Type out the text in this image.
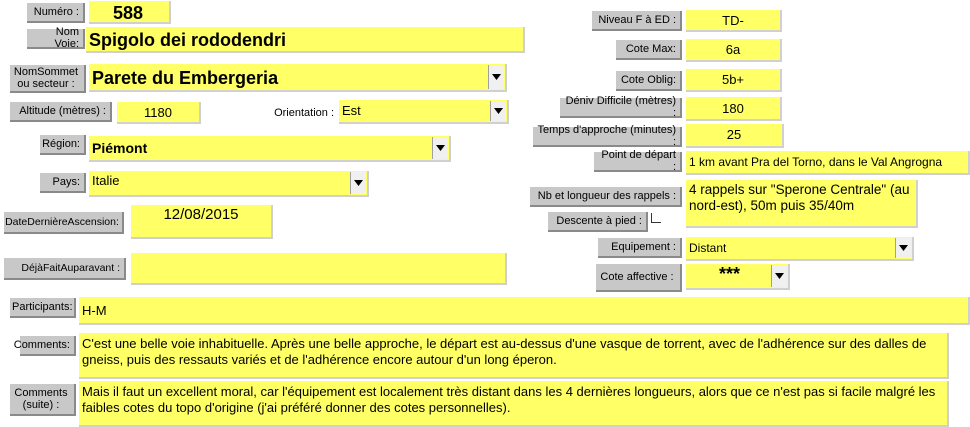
Numéro :	588
Nom Voie: Spigolo dei rododendri
NomSommet ou secteur : Parete du Embergeria
Altitude (mètres) :	1180	Orientation : Est
Région: Piémont
Pays: Italie
DateDernièreAscension:	12/08/2015
DéjàFaitAuparavant :
Niveau F à ED :	TD-
Cote Max:	6a
Cote Oblig:	5b+
Déniv Difficile (mètres) :	180
Temps d'approche (minutes) :	25
Point de départ :	1 km avant Pra del Torno, dans le Val Angrogna
Nb et longueur des rappels : 4 rappels sur "Sperone Centrale" (au nord-est), 50m puis 35/40m
Descente à pied :
Equipement :	Distant
Cote affective :	***
Participants: H-M
Comments: C'est une belle voie inhabituelle. Après une belle approche, le départ est au-dessus d'une vasque de torrent, avec de l'adhérence sur des dalles de gneiss, puis des ressauts variés et de l'adhérence encore autour d'un long éperon.
Comments (suite) :
Mais il faut un excellent moral, car l'équipement est localement très distant dans les 4 dernières longueurs, alors que ce n'est pas si facile malgré les faibles cotes du topo d'origine (j'ai préféré donner des cotes personnelles).
